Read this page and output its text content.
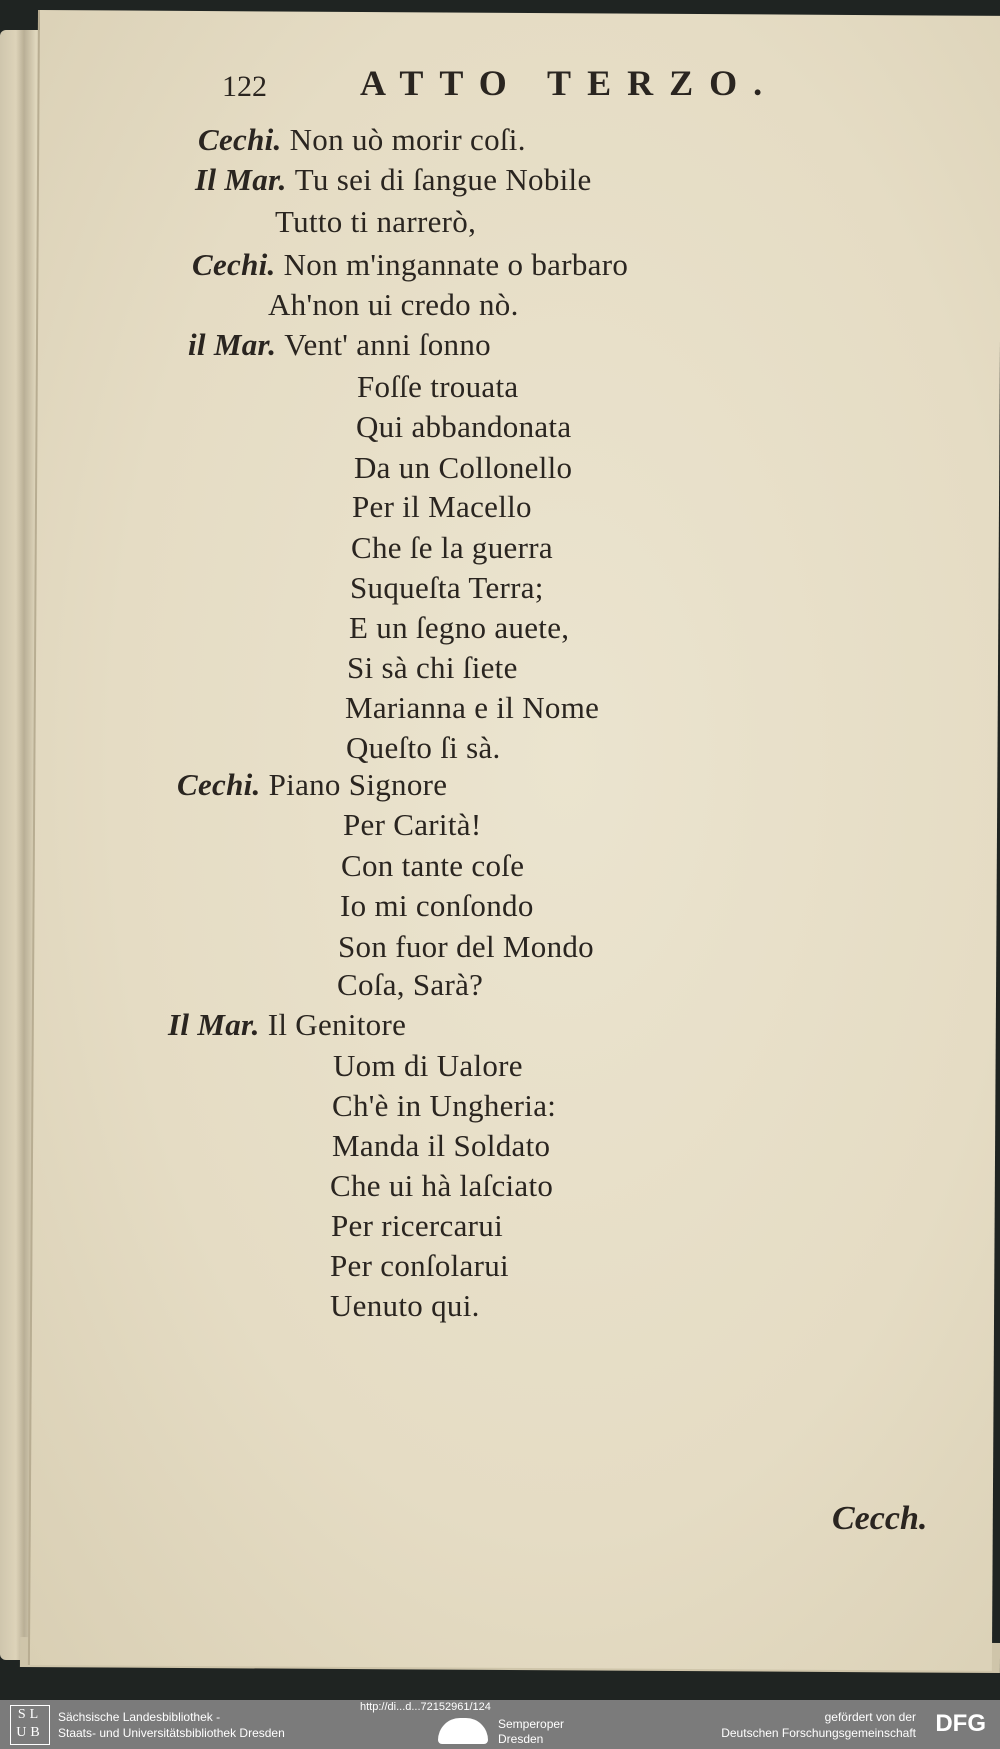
122	ATTO TERZO.
Cechi. Non uò morir coſi.
Il Mar. Tu sei di ſangue Nobile
Tutto ti narrerò,
Cechi. Non m'ingannate o barbaro
Ah'non ui credo nò.
il Mar. Vent' anni ſonno
Foſſe trouata
Qui abbandonata
Da un Collonello
Per il Macello
Che ſe la guerra
Suqueſta Terra;
E un ſegno auete,
Si sà chi ſiete
Marianna e il Nome
Queſto ſi sà.
Cechi. Piano Signore
Per Carità!
Con tante coſe
Io mi conſondo
Son fuor del Mondo
Coſa, Sarà?
Il Mar. Il Genitore
Uom di Ualore
Ch'è in Ungheria:
Manda il Soldato
Che ui hà laſciato
Per ricercarui
Per conſolarui
Uenuto qui.
Cecch.
SL
UB
Sächsische Landesbibliothek -
Staats- und Universitätsbibliothek Dresden
http://di...d...72152961/124
Semperoper
Dresden
gefördert von der
Deutschen Forschungsgemeinschaft DFG
